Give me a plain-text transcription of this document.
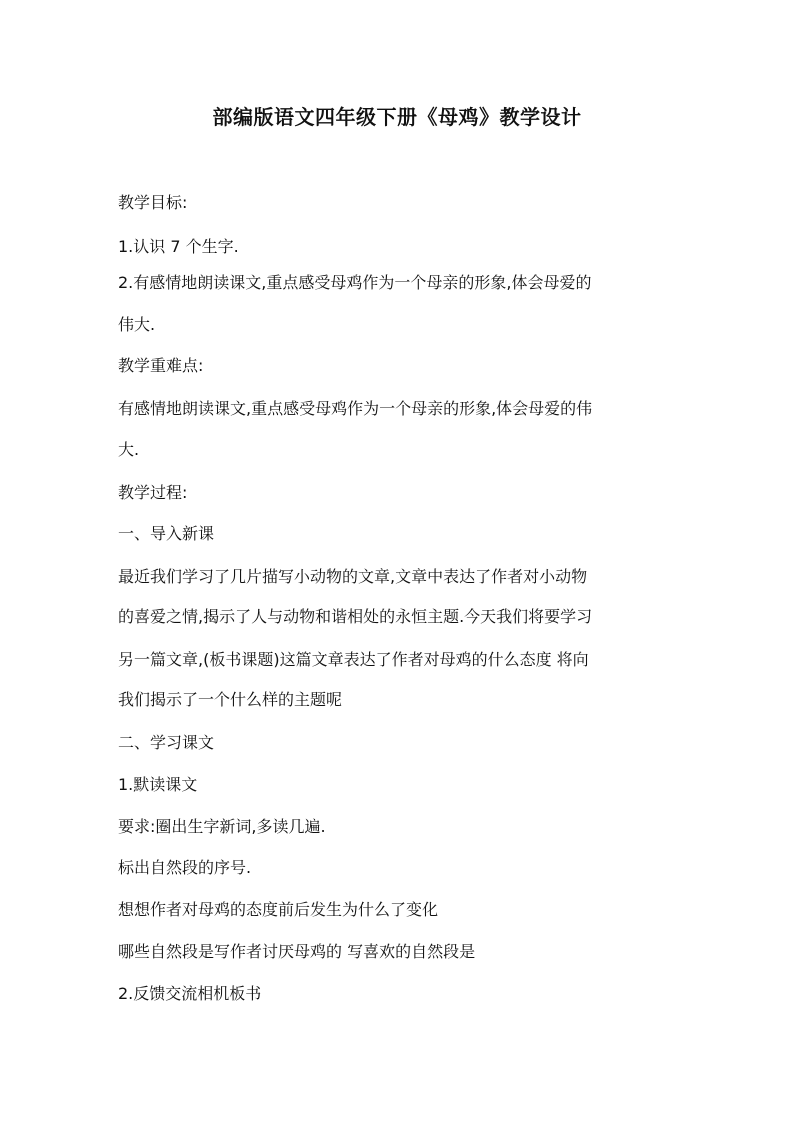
部编版语文四年级下册《母鸡》教学设计
教学目标:
1.认识 7 个生字.
2.有感情地朗读课文,重点感受母鸡作为一个母亲的形象,体会母爱的
伟大.
教学重难点:
有感情地朗读课文,重点感受母鸡作为一个母亲的形象,体会母爱的伟
大.
教学过程:
一、导入新课
最近我们学习了几片描写小动物的文章,文章中表达了作者对小动物
的喜爱之情,揭示了人与动物和谐相处的永恒主题.今天我们将要学习
另一篇文章,(板书课题)这篇文章表达了作者对母鸡的什么态度 将向
我们揭示了一个什么样的主题呢
二、学习课文
1.默读课文
要求:圈出生字新词,多读几遍.
标出自然段的序号.
想想作者对母鸡的态度前后发生为什么了变化
哪些自然段是写作者讨厌母鸡的 写喜欢的自然段是
2.反馈交流相机板书
